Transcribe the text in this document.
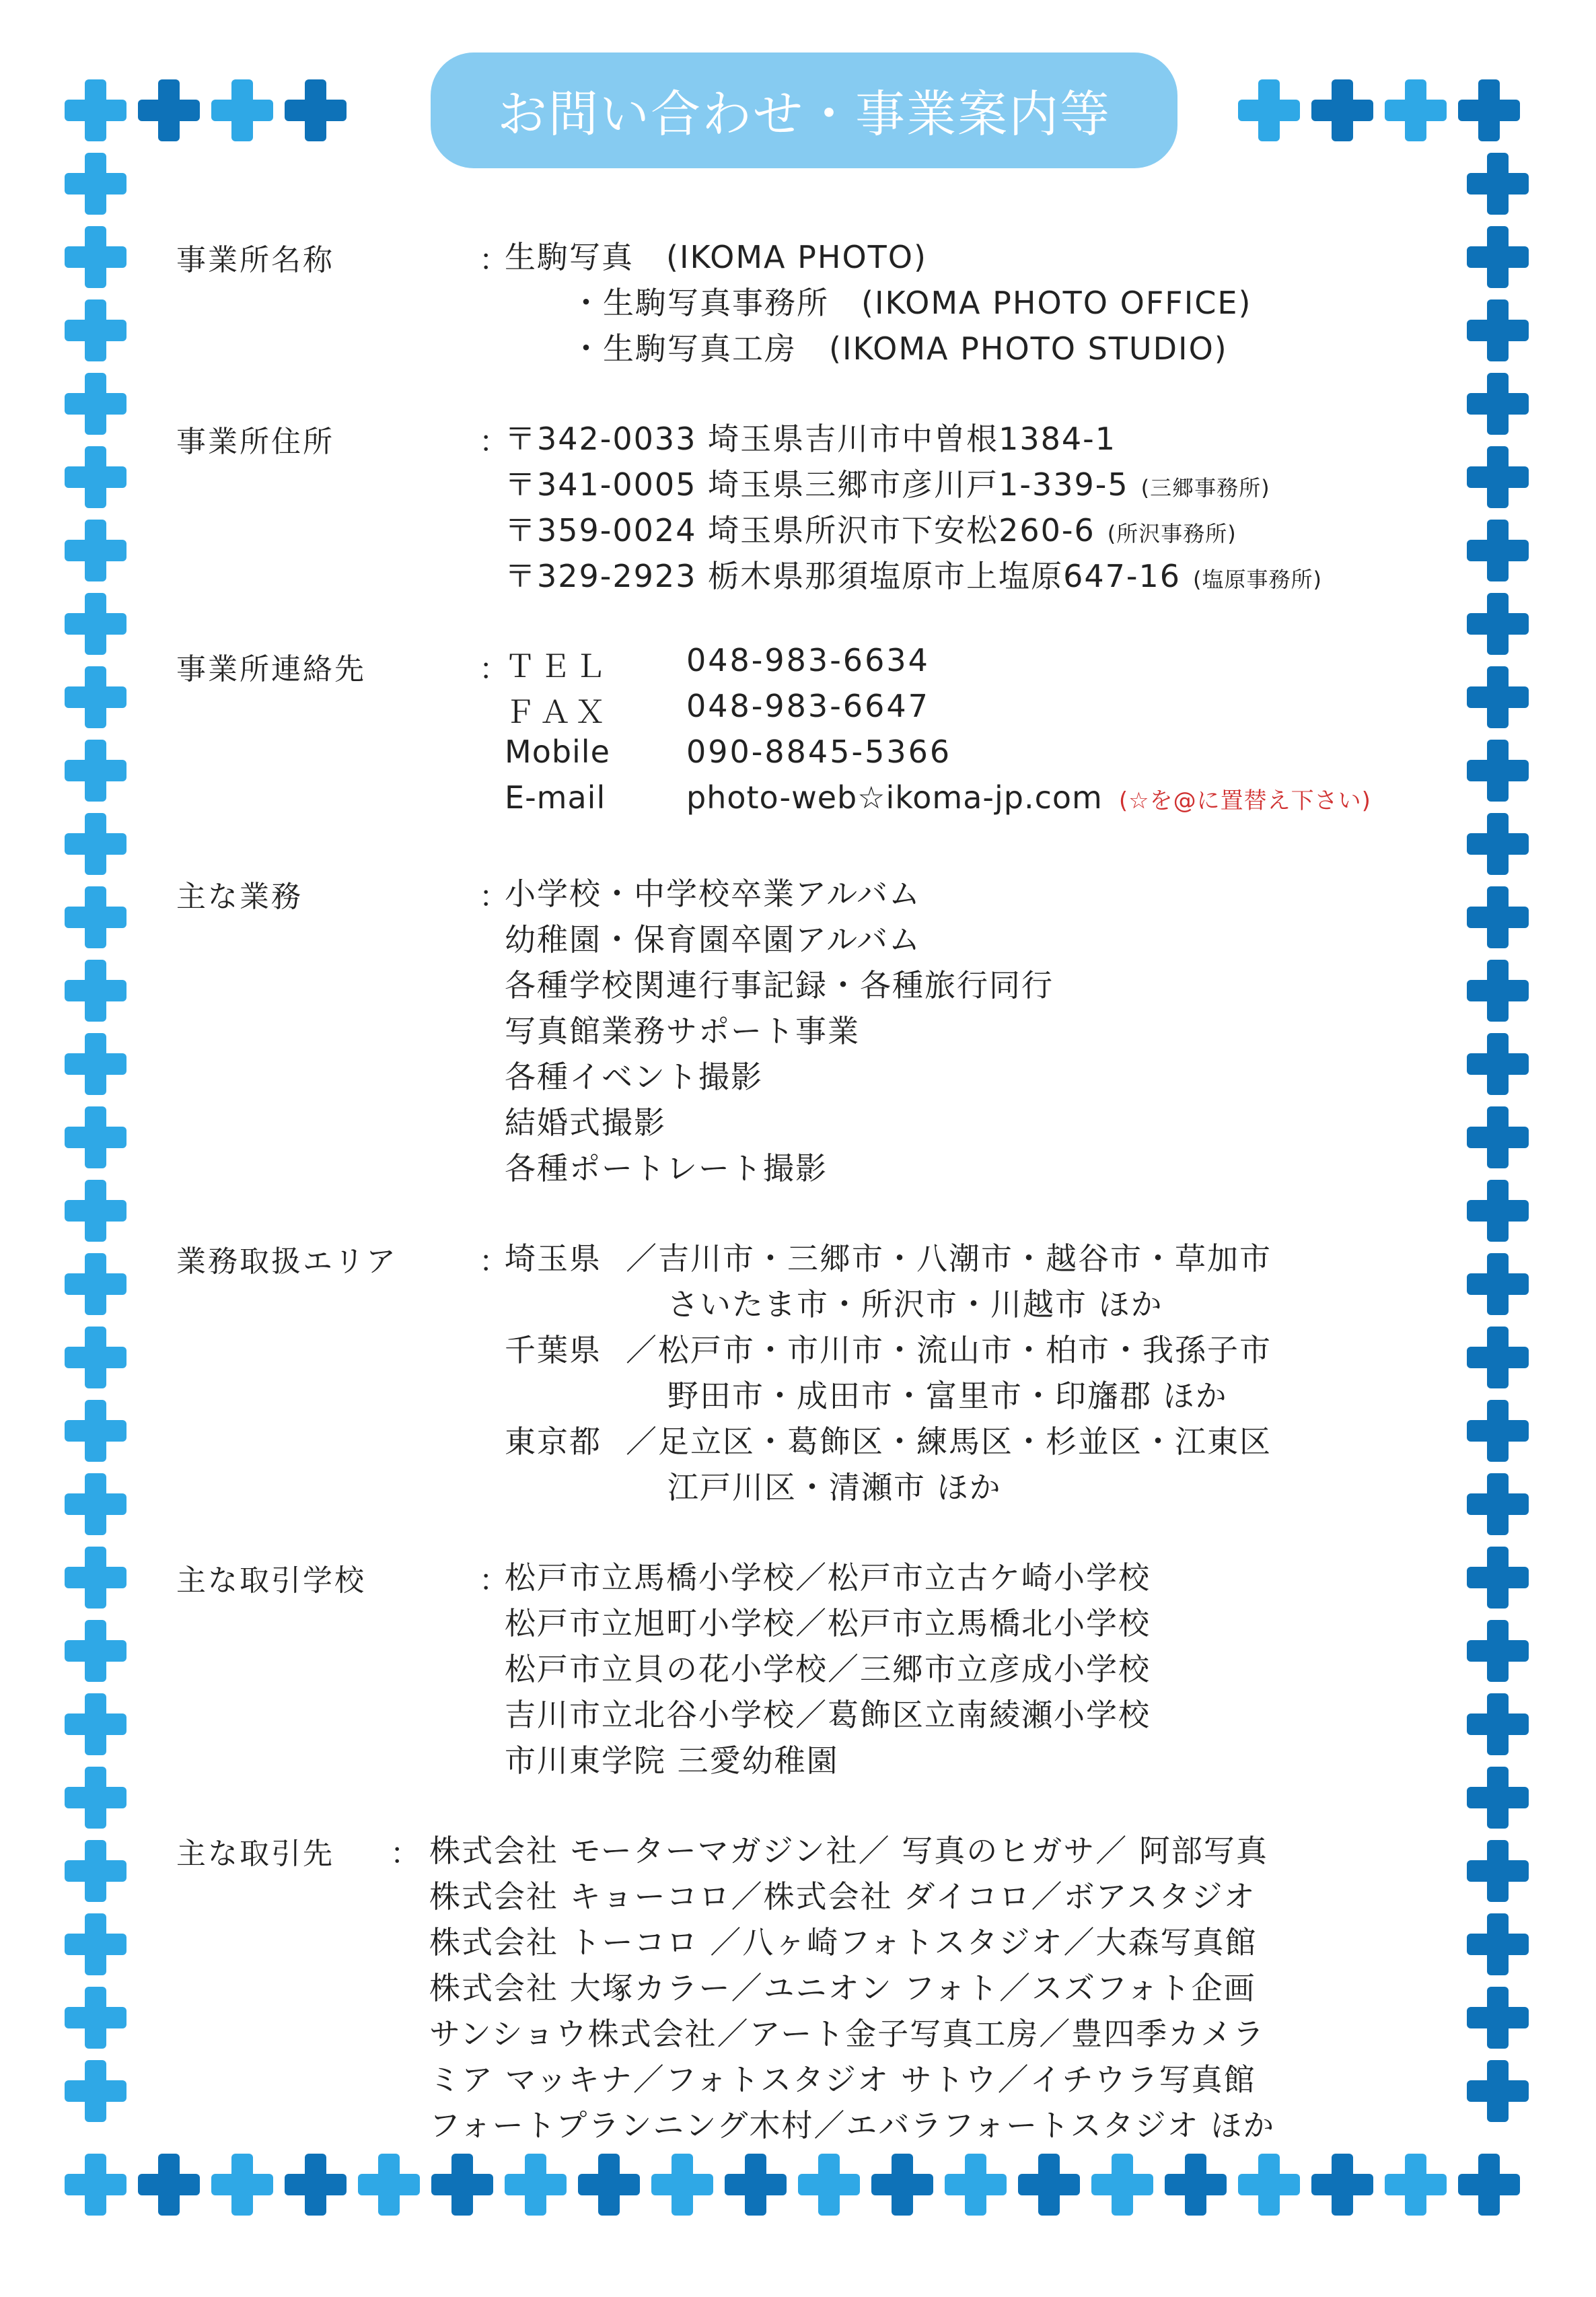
お問い合わせ・事業案内等
事業所名称	：
生駒写真　(IKOMA PHOTO)
・生駒写真事務所　(IKOMA PHOTO OFFICE)
・生駒写真工房　(IKOMA PHOTO STUDIO)
事業所住所	：
〒342-0033 埼玉県吉川市中曽根1384-1
〒341-0005 埼玉県三郷市彦川戸1-339-5 (三郷事務所)
〒359-0024 埼玉県所沢市下安松260-6 (所沢事務所)
〒329-2923 栃木県那須塩原市上塩原647-16 (塩原事務所)
事業所連絡先	：
ＴＥＬ 048-983-6634
ＦＡＸ 048-983-6647
Mobile 090-8845-5366
E-mail	photo-web☆ikoma-jp.com (☆を@に置替え下さい)
主な業務	：
小学校・中学校卒業アルバム
幼稚園・保育園卒園アルバム
各種学校関連行事記録・各種旅行同行
写真館業務サポート事業
各種イベント撮影
結婚式撮影
各種ポートレート撮影
業務取扱エリア	：
埼玉県 ／吉川市・三郷市・八潮市・越谷市・草加市
さいたま市・所沢市・川越市 ほか
千葉県 ／松戸市・市川市・流山市・柏市・我孫子市
野田市・成田市・富里市・印旛郡 ほか
東京都 ／足立区・葛飾区・練馬区・杉並区・江東区
江戸川区・清瀬市 ほか
主な取引学校	：
松戸市立馬橋小学校／松戸市立古ケ崎小学校
松戸市立旭町小学校／松戸市立馬橋北小学校
松戸市立貝の花小学校／三郷市立彦成小学校
吉川市立北谷小学校／葛飾区立南綾瀬小学校
市川東学院 三愛幼稚園
主な取引先 ： 株式会社 モーターマガジン社／ 写真のヒガサ／ 阿部写真
株式会社 キョーコロ／株式会社 ダイコロ／ボアスタジオ
株式会社 トーコロ ／八ヶ崎フォトスタジオ／大森写真館
株式会社 大塚カラー／ユニオン フォト／スズフォト企画
サンショウ株式会社／アート金子写真工房／豊四季カメラ
ミア マッキナ／フォトスタジオ サトウ／イチウラ写真館
フォートプランニング木村／エバラフォートスタジオ ほか
